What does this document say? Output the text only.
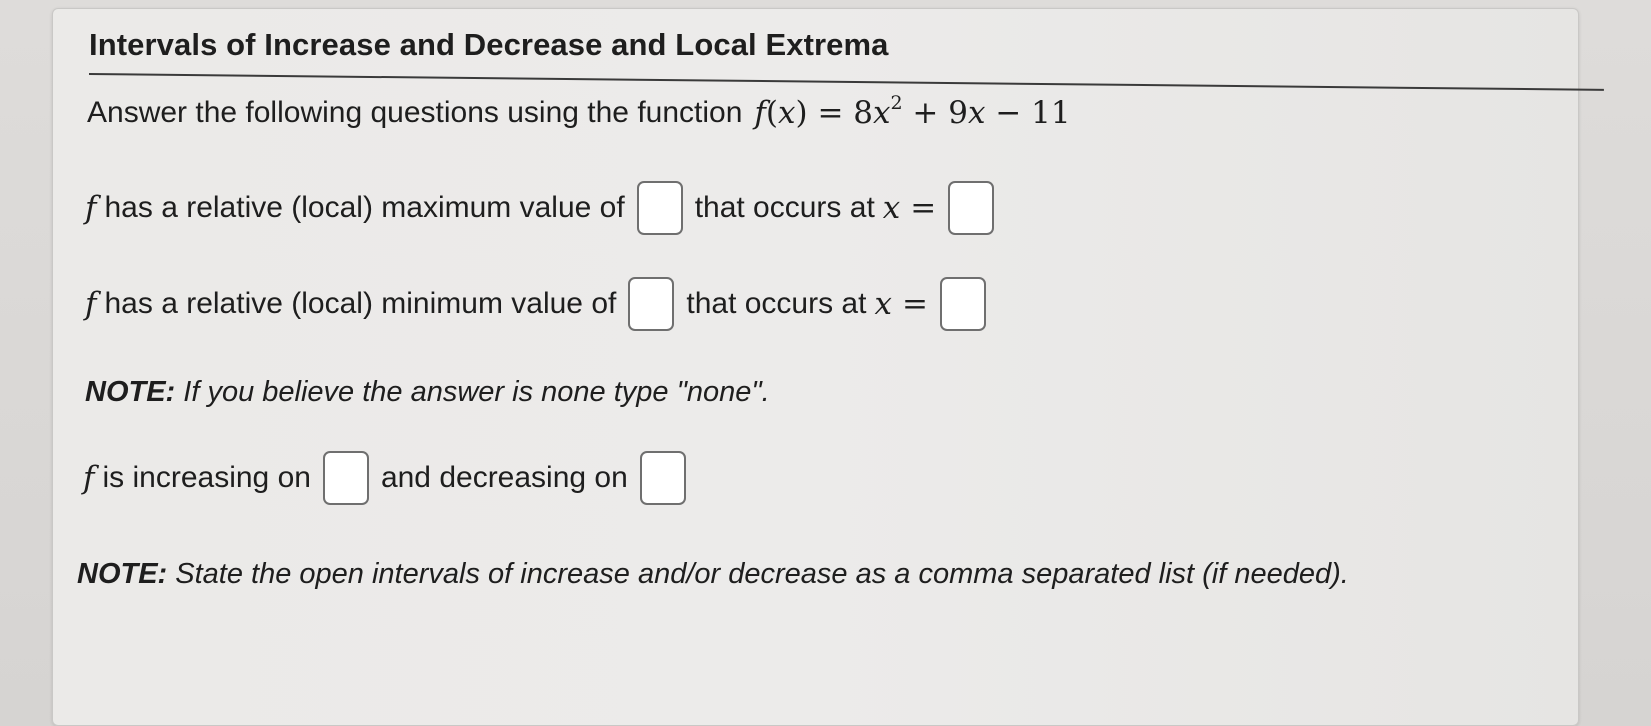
Intervals of Increase and Decrease and Local Extrema
Answer the following questions using the function $f(x) = 8x^2 + 9x - 11$
f has a relative (local) maximum value of that occurs at x =
f has a relative (local) minimum value of that occurs at x =
NOTE: If you believe the answer is none type "none".
f is increasing on and decreasing on
NOTE: State the open intervals of increase and/or decrease as a comma separated list (if needed).
